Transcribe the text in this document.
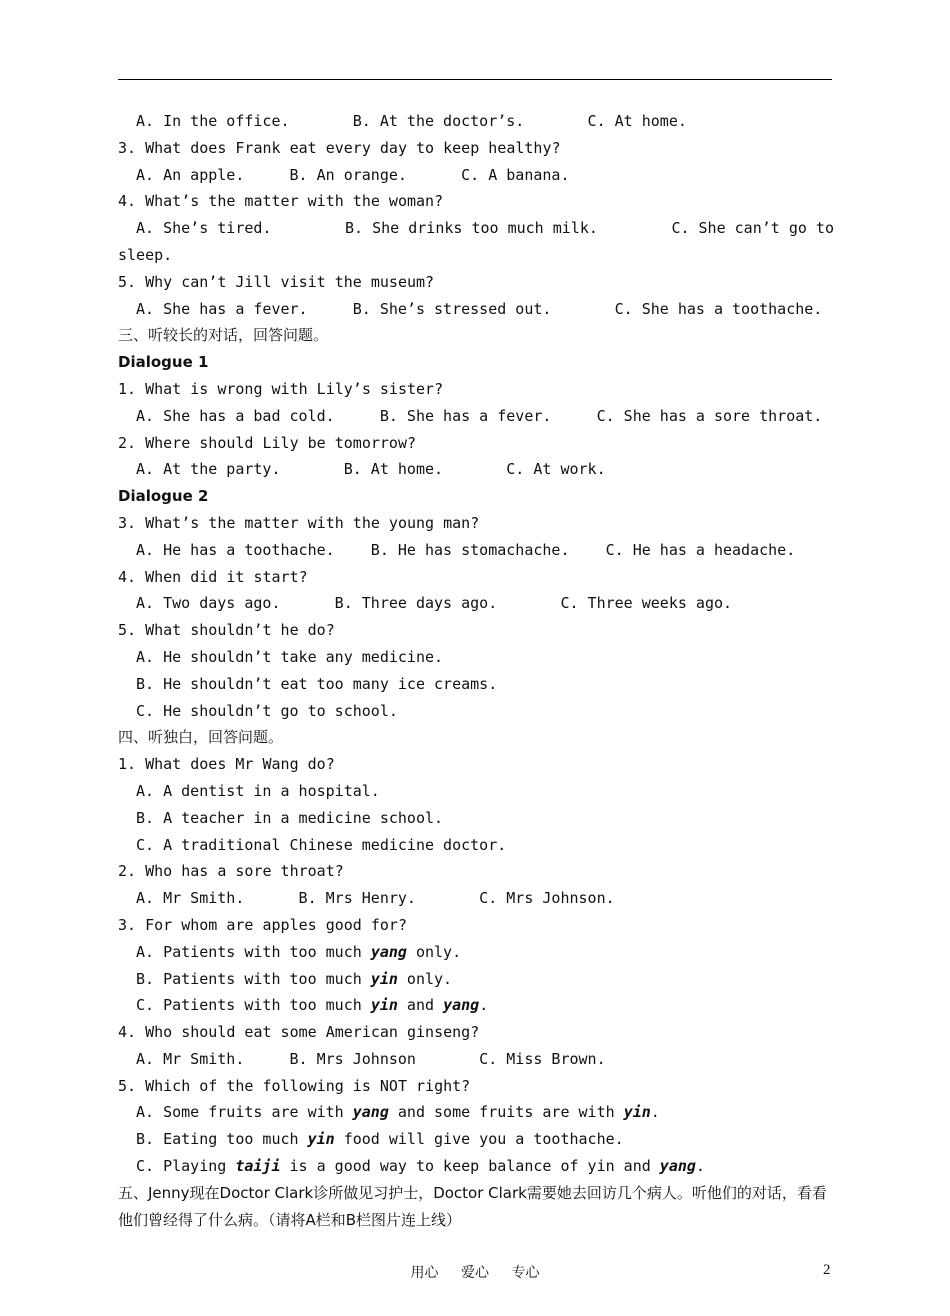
A. In the office.       B. At the doctor’s.       C. At home.
3. What does Frank eat every day to keep healthy?
A. An apple.     B. An orange.      C. A banana.
4. What’s the matter with the woman?
A. She’s tired.	B. She drinks too much milk.	C. She can’t go to
sleep.
5. Why can’t Jill visit the museum?
A. She has a fever.     B. She’s stressed out.       C. She has a toothache.
三、听较长的对话，回答问题。
Dialogue 1
1. What is wrong with Lily’s sister?
A. She has a bad cold.     B. She has a fever.     C. She has a sore throat.
2. Where should Lily be tomorrow?
A. At the party.       B. At home.       C. At work.
Dialogue 2
3. What’s the matter with the young man?
A. He has a toothache.    B. He has stomachache.    C. He has a headache.
4. When did it start?
A. Two days ago.      B. Three days ago.       C. Three weeks ago.
5. What shouldn’t he do?
A. He shouldn’t take any medicine.
B. He shouldn’t eat too many ice creams.
C. He shouldn’t go to school.
四、听独白，回答问题。
1. What does Mr Wang do?
A. A dentist in a hospital.
B. A teacher in a medicine school.
C. A traditional Chinese medicine doctor.
2. Who has a sore throat?
A. Mr Smith.      B. Mrs Henry.       C. Mrs Johnson.
3. For whom are apples good for?
A. Patients with too much yang only.
B. Patients with too much yin only.
C. Patients with too much yin and yang.
4. Who should eat some American ginseng?
A. Mr Smith.     B. Mrs Johnson       C. Miss Brown.
5. Which of the following is NOT right?
A. Some fruits are with yang and some fruits are with yin.
B. Eating too much yin food will give you a toothache.
C. Playing taiji is a good way to keep balance of yin and yang.
五、Jenny现在Doctor Clark诊所做见习护士，Doctor Clark需要她去回访几个病人。听他们的对话，看看他们曾经得了什么病。（请将A栏和B栏图片连上线）
用心 爱心 专心	2
